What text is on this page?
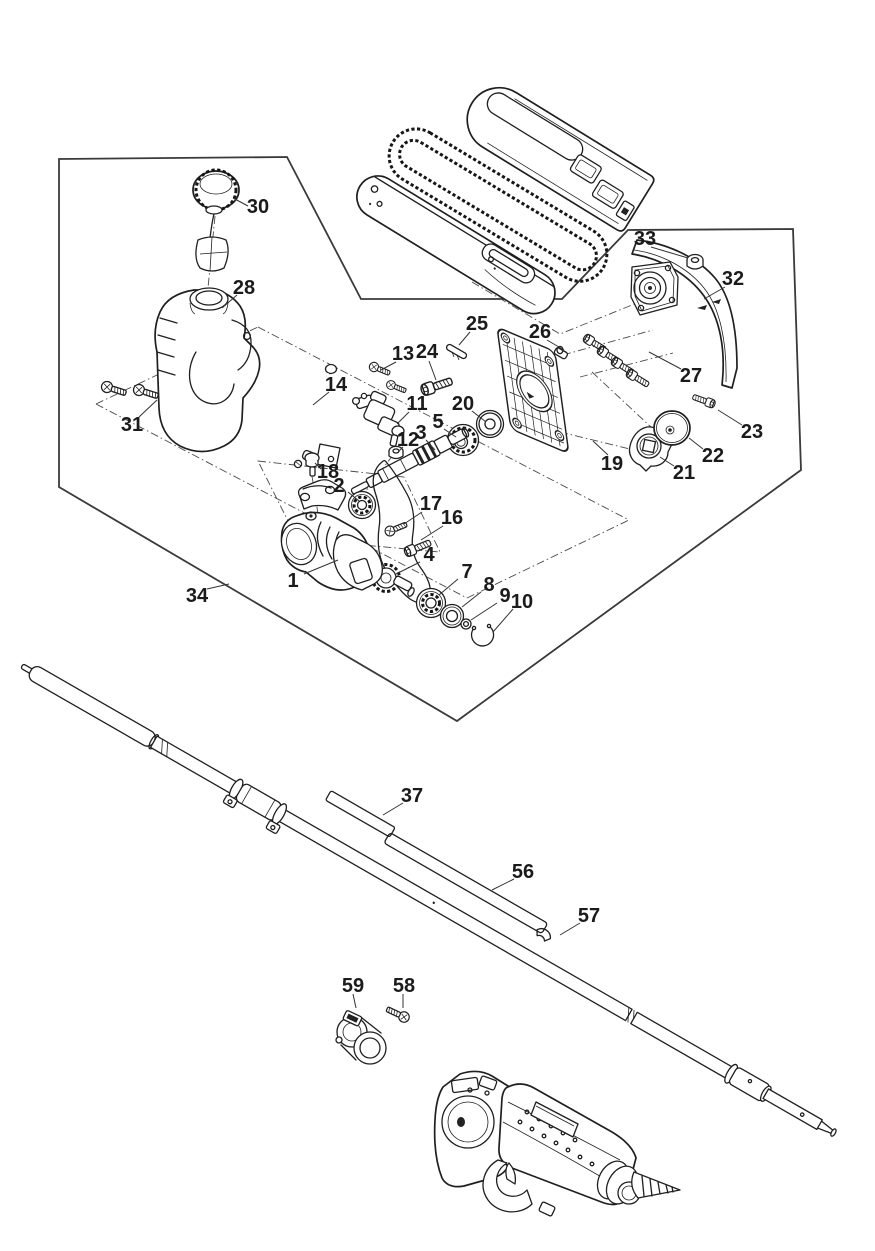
1
2
3
4
5
7
8 9 10
11
12
13
14
16
17
18	19
20
21
22
23
24
25 26
27
28
30
31
32
33
34
37
56
57
58
59
